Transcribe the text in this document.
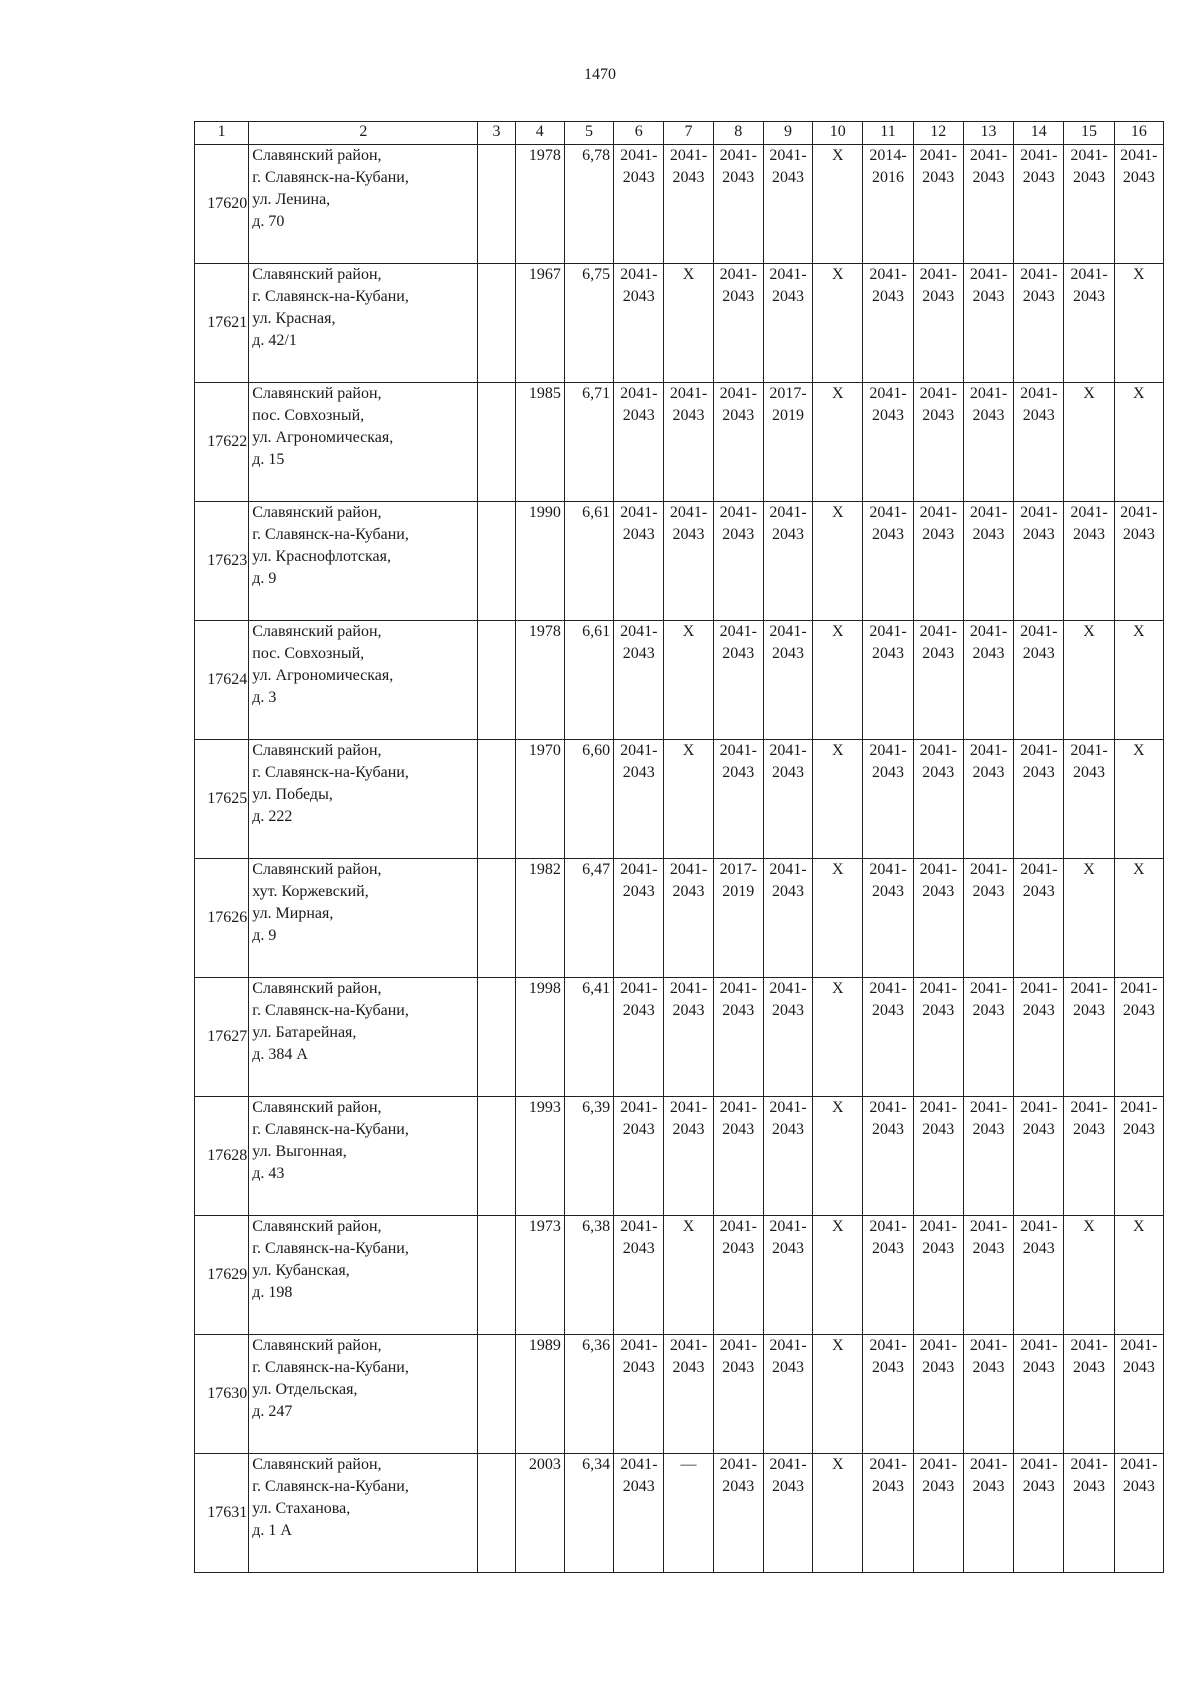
1470
1	2	3	4	5	6	7	8	9	10	11	12	13	14	15	16
17620	Славянский район,
г. Славянск-на-Кубани,
ул. Ленина,
д. 70		1978	6,78	2041-2043	2041-2043	2041-2043	2041-2043	X	2014-2016	2041-2043	2041-2043	2041-2043	2041-2043	2041-2043
17621	Славянский район,
г. Славянск-на-Кубани,
ул. Красная,
д. 42/1		1967	6,75	2041-2043	X	2041-2043	2041-2043	X	2041-2043	2041-2043	2041-2043	2041-2043	2041-2043	X
17622	Славянский район,
пос. Совхозный,
ул. Агрономическая,
д. 15		1985	6,71	2041-2043	2041-2043	2041-2043	2017-2019	X	2041-2043	2041-2043	2041-2043	2041-2043	X	X
17623	Славянский район,
г. Славянск-на-Кубани,
ул. Краснофлотская,
д. 9		1990	6,61	2041-2043	2041-2043	2041-2043	2041-2043	X	2041-2043	2041-2043	2041-2043	2041-2043	2041-2043	2041-2043
17624	Славянский район,
пос. Совхозный,
ул. Агрономическая,
д. 3		1978	6,61	2041-2043	X	2041-2043	2041-2043	X	2041-2043	2041-2043	2041-2043	2041-2043	X	X
17625	Славянский район,
г. Славянск-на-Кубани,
ул. Победы,
д. 222		1970	6,60	2041-2043	X	2041-2043	2041-2043	X	2041-2043	2041-2043	2041-2043	2041-2043	2041-2043	X
17626	Славянский район,
хут. Коржевский,
ул. Мирная,
д. 9		1982	6,47	2041-2043	2041-2043	2017-2019	2041-2043	X	2041-2043	2041-2043	2041-2043	2041-2043	X	X
17627	Славянский район,
г. Славянск-на-Кубани,
ул. Батарейная,
д. 384 А		1998	6,41	2041-2043	2041-2043	2041-2043	2041-2043	X	2041-2043	2041-2043	2041-2043	2041-2043	2041-2043	2041-2043
17628	Славянский район,
г. Славянск-на-Кубани,
ул. Выгонная,
д. 43		1993	6,39	2041-2043	2041-2043	2041-2043	2041-2043	X	2041-2043	2041-2043	2041-2043	2041-2043	2041-2043	2041-2043
17629	Славянский район,
г. Славянск-на-Кубани,
ул. Кубанская,
д. 198		1973	6,38	2041-2043	X	2041-2043	2041-2043	X	2041-2043	2041-2043	2041-2043	2041-2043	X	X
17630	Славянский район,
г. Славянск-на-Кубани,
ул. Отдельская,
д. 247		1989	6,36	2041-2043	2041-2043	2041-2043	2041-2043	X	2041-2043	2041-2043	2041-2043	2041-2043	2041-2043	2041-2043
17631	Славянский район,
г. Славянск-на-Кубани,
ул. Стаханова,
д. 1 А		2003	6,34	2041-2043	—	2041-2043	2041-2043	X	2041-2043	2041-2043	2041-2043	2041-2043	2041-2043	2041-2043
